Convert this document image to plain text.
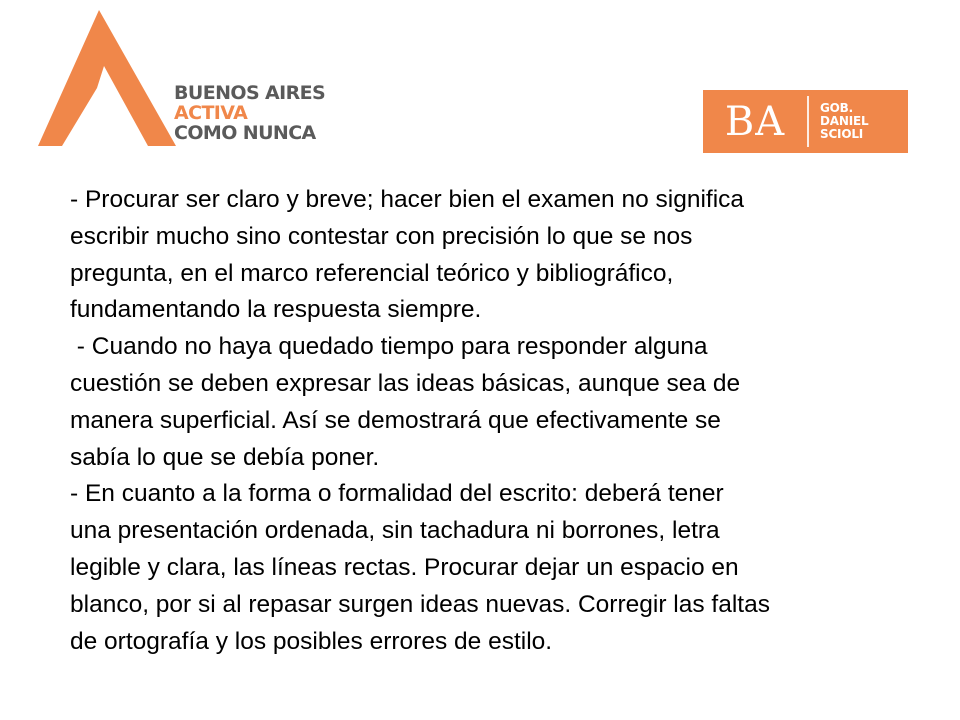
BUENOS AIRES
ACTIVA
COMO NUNCA	BA	GOB.
DANIEL
SCIOLI

- Procurar ser claro y breve; hacer bien el examen no significa

escribir mucho sino contestar con precisión lo que se nos

pregunta, en el marco referencial teórico y bibliográfico,

fundamentando la respuesta siempre.

- Cuando no haya quedado tiempo para responder alguna

cuestión se deben expresar las ideas básicas, aunque sea de

manera superficial. Así se demostrará que efectivamente se

sabía lo que se debía poner.

- En cuanto a la forma o formalidad del escrito: deberá tener

una presentación ordenada, sin tachadura ni borrones, letra

legible y clara, las líneas rectas. Procurar dejar un espacio en

blanco, por si al repasar surgen ideas nuevas. Corregir las faltas

de ortografía y los posibles errores de estilo.
